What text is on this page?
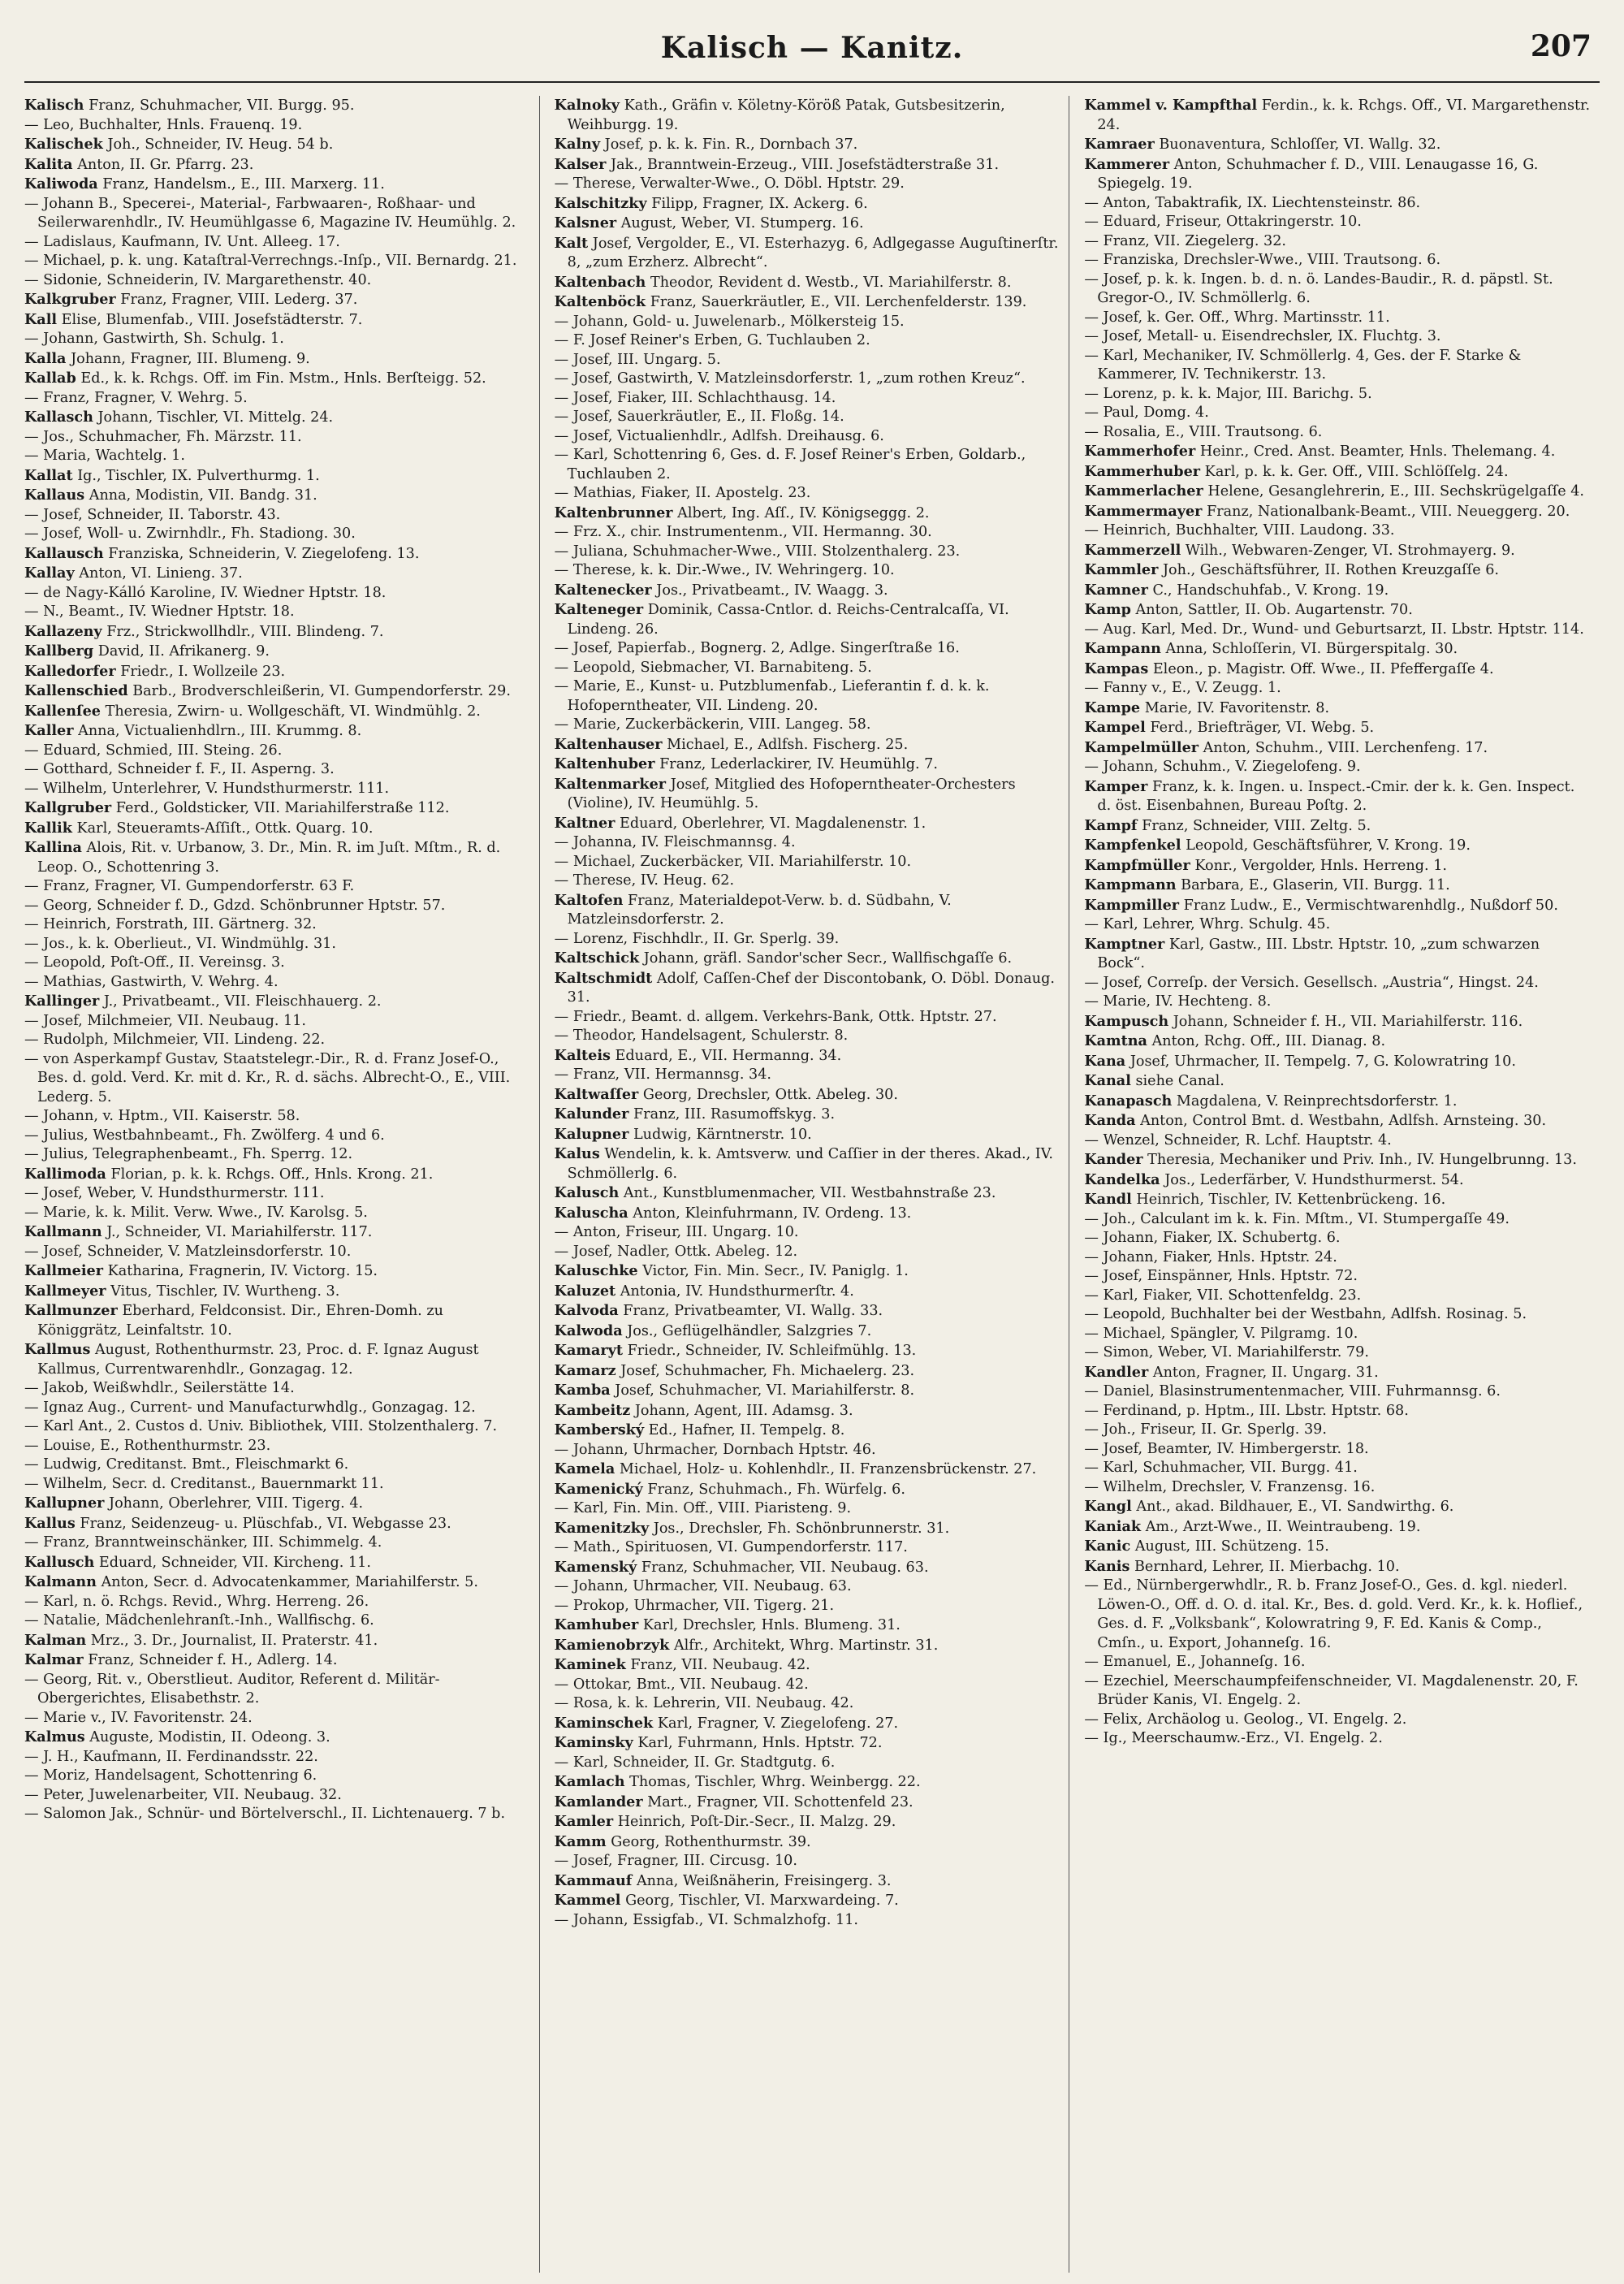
Kalisch — Kanitz.	207

Kalisch Franz, Schuhmacher, VII. Burgg. 95.

— Leo, Buchhalter, Hnls. Frauenq. 19.

Kalischek Joh., Schneider, IV. Heug. 54 b.

Kalita Anton, II. Gr. Pfarrg. 23.

Kaliwoda Franz, Handelsm., E., III. Marxerg. 11.

— Johann B., Specerei-, Material-, Farbwaaren-, Roßhaar- und Seilerwarenhdlr., IV. Heumühlgasse 6, Magazine IV. Heumühlg. 2.

— Ladislaus, Kaufmann, IV. Unt. Alleeg. 17.

— Michael, p. k. ung. Kataſtral-Verrechngs.-Inſp., VII. Bernardg. 21.

— Sidonie, Schneiderin, IV. Margarethenstr. 40.

Kalkgruber Franz, Fragner, VIII. Lederg. 37.

Kall Elise, Blumenfab., VIII. Josefstädterstr. 7.

— Johann, Gastwirth, Sh. Schulg. 1.

Kalla Johann, Fragner, III. Blumeng. 9.

Kallab Ed., k. k. Rchgs. Off. im Fin. Mstm., Hnls. Berſteigg. 52.

— Franz, Fragner, V. Wehrg. 5.

Kallasch Johann, Tischler, VI. Mittelg. 24.

— Jos., Schuhmacher, Fh. Märzstr. 11.

— Maria, Wachtelg. 1.

Kallat Ig., Tischler, IX. Pulverthurmg. 1.

Kallaus Anna, Modistin, VII. Bandg. 31.

— Josef, Schneider, II. Taborstr. 43.

— Josef, Woll- u. Zwirnhdlr., Fh. Stadiong. 30.

Kallausch Franziska, Schneiderin, V. Ziegelofeng. 13.

Kallay Anton, VI. Linieng. 37.

— de Nagy-Kálló Karoline, IV. Wiedner Hptstr. 18.

— N., Beamt., IV. Wiedner Hptstr. 18.

Kallazeny Frz., Strickwollhdlr., VIII. Blindeng. 7.

Kallberg David, II. Afrikanerg. 9.

Kalledorfer Friedr., I. Wollzeile 23.

Kallenschied Barb., Brodverschleißerin, VI. Gumpendorferstr. 29.

Kallenſee Theresia, Zwirn- u. Wollgeschäft, VI. Windmühlg. 2.

Kaller Anna, Victualienhdlrn., III. Krummg. 8.

— Eduard, Schmied, III. Steing. 26.

— Gotthard, Schneider f. F., II. Asperng. 3.

— Wilhelm, Unterlehrer, V. Hundsthurmerstr. 111.

Kallgruber Ferd., Goldsticker, VII. Mariahilferstraße 112.

Kallik Karl, Steueramts-Aſſiſt., Ottk. Quarg. 10.

Kallina Alois, Rit. v. Urbanow, 3. Dr., Min. R. im Juſt. Mſtm., R. d. Leop. O., Schottenring 3.

— Franz, Fragner, VI. Gumpendorferstr. 63 F.

— Georg, Schneider f. D., Gdzd. Schönbrunner Hptstr. 57.

— Heinrich, Forstrath, III. Gärtnerg. 32.

— Jos., k. k. Oberlieut., VI. Windmühlg. 31.

— Leopold, Poſt-Off., II. Vereinsg. 3.

— Mathias, Gastwirth, V. Wehrg. 4.

Kallinger J., Privatbeamt., VII. Fleischhauerg. 2.

— Josef, Milchmeier, VII. Neubaug. 11.

— Rudolph, Milchmeier, VII. Lindeng. 22.

— von Asperkampf Gustav, Staatstelegr.-Dir., R. d. Franz Josef-O., Bes. d. gold. Verd. Kr. mit d. Kr., R. d. sächs. Albrecht-O., E., VIII. Lederg. 5.

— Johann, v. Hptm., VII. Kaiserstr. 58.

— Julius, Westbahnbeamt., Fh. Zwölferg. 4 und 6.

— Julius, Telegraphenbeamt., Fh. Sperrg. 12.

Kallimoda Florian, p. k. k. Rchgs. Off., Hnls. Krong. 21.

— Josef, Weber, V. Hundsthurmerstr. 111.

— Marie, k. k. Milit. Verw. Wwe., IV. Karolsg. 5.

Kallmann J., Schneider, VI. Mariahilferstr. 117.

— Josef, Schneider, V. Matzleinsdorferstr. 10.

Kallmeier Katharina, Fragnerin, IV. Victorg. 15.

Kallmeyer Vitus, Tischler, IV. Wurtheng. 3.

Kallmunzer Eberhard, Feldconsist. Dir., Ehren-Domh. zu Königgrätz, Leinfaltstr. 10.

Kallmus August, Rothenthurmstr. 23, Proc. d. F. Ignaz August Kallmus, Currentwarenhdlr., Gonzagag. 12.

— Jakob, Weißwhdlr., Seilerstätte 14.

— Ignaz Aug., Current- und Manufacturwhdlg., Gonzagag. 12.

— Karl Ant., 2. Custos d. Univ. Bibliothek, VIII. Stolzenthalerg. 7.

— Louise, E., Rothenthurmstr. 23.

— Ludwig, Creditanst. Bmt., Fleischmarkt 6.

— Wilhelm, Secr. d. Creditanst., Bauernmarkt 11.

Kallupner Johann, Oberlehrer, VIII. Tigerg. 4.

Kallus Franz, Seidenzeug- u. Plüschfab., VI. Webgasse 23.

— Franz, Branntweinschänker, III. Schimmelg. 4.

Kallusch Eduard, Schneider, VII. Kircheng. 11.

Kalmann Anton, Secr. d. Advocatenkammer, Mariahilferstr. 5.

— Karl, n. ö. Rchgs. Revid., Whrg. Herreng. 26.

— Natalie, Mädchenlehranſt.-Inh., Wallfischg. 6.

Kalman Mrz., 3. Dr., Journalist, II. Praterstr. 41.

Kalmar Franz, Schneider f. H., Adlerg. 14.

— Georg, Rit. v., Oberstlieut. Auditor, Referent d. Militär-Obergerichtes, Elisabethstr. 2.

— Marie v., IV. Favoritenstr. 24.

Kalmus Auguste, Modistin, II. Odeong. 3.

— J. H., Kaufmann, II. Ferdinandsstr. 22.

— Moriz, Handelsagent, Schottenring 6.

— Peter, Juwelenarbeiter, VII. Neubaug. 32.

— Salomon Jak., Schnür- und Börtelverschl., II. Lichtenauerg. 7 b.

Kalnoky Kath., Gräfin v. Köletny-Köröß Patak, Gutsbesitzerin, Weihburgg. 19.

Kalny Josef, p. k. k. Fin. R., Dornbach 37.

Kalser Jak., Branntwein-Erzeug., VIII. Josefstädterstraße 31.

— Therese, Verwalter-Wwe., O. Döbl. Hptstr. 29.

Kalschitzky Filipp, Fragner, IX. Ackerg. 6.

Kalsner August, Weber, VI. Stumperg. 16.

Kalt Josef, Vergolder, E., VI. Esterhazyg. 6, Adlgegasse Auguſtinerſtr. 8, „zum Erzherz. Albrecht“.

Kaltenbach Theodor, Revident d. Westb., VI. Mariahilferstr. 8.

Kaltenböck Franz, Sauerkräutler, E., VII. Lerchenfelderstr. 139.

— Johann, Gold- u. Juwelenarb., Mölkersteig 15.

— F. Josef Reiner's Erben, G. Tuchlauben 2.

— Josef, III. Ungarg. 5.

— Josef, Gastwirth, V. Matzleinsdorferstr. 1, „zum rothen Kreuz“.

— Josef, Fiaker, III. Schlachthausg. 14.

— Josef, Sauerkräutler, E., II. Floßg. 14.

— Josef, Victualienhdlr., Adlfsh. Dreihausg. 6.

— Karl, Schottenring 6, Ges. d. F. Josef Reiner's Erben, Goldarb., Tuchlauben 2.

— Mathias, Fiaker, II. Apostelg. 23.

Kaltenbrunner Albert, Ing. Aſſ., IV. Königseggg. 2.

— Frz. X., chir. Instrumentenm., VII. Hermanng. 30.

— Juliana, Schuhmacher-Wwe., VIII. Stolzenthalerg. 23.

— Therese, k. k. Dir.-Wwe., IV. Wehringerg. 10.

Kaltenecker Jos., Privatbeamt., IV. Waagg. 3.

Kalteneger Dominik, Cassa-Cntlor. d. Reichs-Centralcaſſa, VI. Lindeng. 26.

— Josef, Papierfab., Bognerg. 2, Adlge. Singerſtraße 16.

— Leopold, Siebmacher, VI. Barnabiteng. 5.

— Marie, E., Kunst- u. Putzblumenfab., Lieferantin f. d. k. k. Hofoperntheater, VII. Lindeng. 20.

— Marie, Zuckerbäckerin, VIII. Langeg. 58.

Kaltenhauser Michael, E., Adlfsh. Fischerg. 25.

Kaltenhuber Franz, Lederlackirer, IV. Heumühlg. 7.

Kaltenmarker Josef, Mitglied des Hofoperntheater-Orchesters (Violine), IV. Heumühlg. 5.

Kaltner Eduard, Oberlehrer, VI. Magdalenenstr. 1.

— Johanna, IV. Fleischmannsg. 4.

— Michael, Zuckerbäcker, VII. Mariahilferstr. 10.

— Therese, IV. Heug. 62.

Kaltofen Franz, Materialdepot-Verw. b. d. Südbahn, V. Matzleinsdorferstr. 2.

— Lorenz, Fischhdlr., II. Gr. Sperlg. 39.

Kaltschick Johann, gräfl. Sandor'scher Secr., Wallfischgaſſe 6.

Kaltschmidt Adolf, Caſſen-Chef der Discontobank, O. Döbl. Donaug. 31.

— Friedr., Beamt. d. allgem. Verkehrs-Bank, Ottk. Hptstr. 27.

— Theodor, Handelsagent, Schulerstr. 8.

Kalteis Eduard, E., VII. Hermanng. 34.

— Franz, VII. Hermannsg. 34.

Kaltwaſſer Georg, Drechsler, Ottk. Abeleg. 30.

Kalunder Franz, III. Rasumoffskyg. 3.

Kalupner Ludwig, Kärntnerstr. 10.

Kalus Wendelin, k. k. Amtsverw. und Caſſier in der theres. Akad., IV. Schmöllerlg. 6.

Kalusch Ant., Kunstblumenmacher, VII. Westbahnstraße 23.

Kaluscha Anton, Kleinfuhrmann, IV. Ordeng. 13.

— Anton, Friseur, III. Ungarg. 10.

— Josef, Nadler, Ottk. Abeleg. 12.

Kaluschke Victor, Fin. Min. Secr., IV. Paniglg. 1.

Kaluzet Antonia, IV. Hundsthurmerſtr. 4.

Kalvoda Franz, Privatbeamter, VI. Wallg. 33.

Kalwoda Jos., Geflügelhändler, Salzgries 7.

Kamaryt Friedr., Schneider, IV. Schleifmühlg. 13.

Kamarz Josef, Schuhmacher, Fh. Michaelerg. 23.

Kamba Josef, Schuhmacher, VI. Mariahilferstr. 8.

Kambeitz Johann, Agent, III. Adamsg. 3.

Kamberský Ed., Hafner, II. Tempelg. 8.

— Johann, Uhrmacher, Dornbach Hptstr. 46.

Kamela Michael, Holz- u. Kohlenhdlr., II. Franzensbrückenstr. 27.

Kamenický Franz, Schuhmach., Fh. Würfelg. 6.

— Karl, Fin. Min. Off., VIII. Piaristeng. 9.

Kamenitzky Jos., Drechsler, Fh. Schönbrunnerstr. 31.

— Math., Spirituosen, VI. Gumpendorferstr. 117.

Kamenský Franz, Schuhmacher, VII. Neubaug. 63.

— Johann, Uhrmacher, VII. Neubaug. 63.

— Prokop, Uhrmacher, VII. Tigerg. 21.

Kamhuber Karl, Drechsler, Hnls. Blumeng. 31.

Kamienobrzyk Alfr., Architekt, Whrg. Martinstr. 31.

Kaminek Franz, VII. Neubaug. 42.

— Ottokar, Bmt., VII. Neubaug. 42.

— Rosa, k. k. Lehrerin, VII. Neubaug. 42.

Kaminschek Karl, Fragner, V. Ziegelofeng. 27.

Kaminsky Karl, Fuhrmann, Hnls. Hptstr. 72.

— Karl, Schneider, II. Gr. Stadtgutg. 6.

Kamlach Thomas, Tischler, Whrg. Weinbergg. 22.

Kamlander Mart., Fragner, VII. Schottenfeld 23.

Kamler Heinrich, Poſt-Dir.-Secr., II. Malzg. 29.

Kamm Georg, Rothenthurmstr. 39.

— Josef, Fragner, III. Circusg. 10.

Kammauf Anna, Weißnäherin, Freisingerg. 3.

Kammel Georg, Tischler, VI. Marxwardeing. 7.

— Johann, Essigfab., VI. Schmalzhofg. 11.

Kammel v. Kampfthal Ferdin., k. k. Rchgs. Off., VI. Margarethenstr. 24.

Kamraer Buonaventura, Schloſſer, VI. Wallg. 32.

Kammerer Anton, Schuhmacher f. D., VIII. Lenaugasse 16, G. Spiegelg. 19.

— Anton, Tabaktrafik, IX. Liechtensteinstr. 86.

— Eduard, Friseur, Ottakringerstr. 10.

— Franz, VII. Ziegelerg. 32.

— Franziska, Drechsler-Wwe., VIII. Trautsong. 6.

— Josef, p. k. k. Ingen. b. d. n. ö. Landes-Baudir., R. d. päpstl. St. Gregor-O., IV. Schmöllerlg. 6.

— Josef, k. Ger. Off., Whrg. Martinsstr. 11.

— Josef, Metall- u. Eisendrechsler, IX. Fluchtg. 3.

— Karl, Mechaniker, IV. Schmöllerlg. 4, Ges. der F. Starke & Kammerer, IV. Technikerstr. 13.

— Lorenz, p. k. k. Major, III. Barichg. 5.

— Paul, Domg. 4.

— Rosalia, E., VIII. Trautsong. 6.

Kammerhofer Heinr., Cred. Anst. Beamter, Hnls. Thelemang. 4.

Kammerhuber Karl, p. k. k. Ger. Off., VIII. Schlöſſelg. 24.

Kammerlacher Helene, Gesanglehrerin, E., III. Sechskrügelgaſſe 4.

Kammermayer Franz, Nationalbank-Beamt., VIII. Neueggerg. 20.

— Heinrich, Buchhalter, VIII. Laudong. 33.

Kammerzell Wilh., Webwaren-Zenger, VI. Strohmayerg. 9.

Kammler Joh., Geschäftsführer, II. Rothen Kreuzgaſſe 6.

Kamner C., Handschuhfab., V. Krong. 19.

Kamp Anton, Sattler, II. Ob. Augartenstr. 70.

— Aug. Karl, Med. Dr., Wund- und Geburtsarzt, II. Lbstr. Hptstr. 114.

Kampann Anna, Schloſſerin, VI. Bürgerspitalg. 30.

Kampas Eleon., p. Magistr. Off. Wwe., II. Pfeffergaſſe 4.

— Fanny v., E., V. Zeugg. 1.

Kampe Marie, IV. Favoritenstr. 8.

Kampel Ferd., Briefträger, VI. Webg. 5.

Kampelmüller Anton, Schuhm., VIII. Lerchenfeng. 17.

— Johann, Schuhm., V. Ziegelofeng. 9.

Kamper Franz, k. k. Ingen. u. Inspect.-Cmir. der k. k. Gen. Inspect. d. öst. Eisenbahnen, Bureau Poſtg. 2.

Kampf Franz, Schneider, VIII. Zeltg. 5.

Kampfenkel Leopold, Geschäftsführer, V. Krong. 19.

Kampfmüller Konr., Vergolder, Hnls. Herreng. 1.

Kampmann Barbara, E., Glaserin, VII. Burgg. 11.

Kampmiller Franz Ludw., E., Vermischtwarenhdlg., Nußdorf 50.

— Karl, Lehrer, Whrg. Schulg. 45.

Kamptner Karl, Gastw., III. Lbstr. Hptstr. 10, „zum schwarzen Bock“.

— Josef, Correſp. der Versich. Gesellsch. „Austria“, Hingst. 24.

— Marie, IV. Hechteng. 8.

Kampusch Johann, Schneider f. H., VII. Mariahilferstr. 116.

Kamtna Anton, Rchg. Off., III. Dianag. 8.

Kana Josef, Uhrmacher, II. Tempelg. 7, G. Kolowratring 10.

Kanal siehe Canal.

Kanapasch Magdalena, V. Reinprechtsdorferstr. 1.

Kanda Anton, Control Bmt. d. Westbahn, Adlfsh. Arnsteing. 30.

— Wenzel, Schneider, R. Lchf. Hauptstr. 4.

Kander Theresia, Mechaniker und Priv. Inh., IV. Hungelbrunng. 13.

Kandelka Jos., Lederfärber, V. Hundsthurmerst. 54.

Kandl Heinrich, Tischler, IV. Kettenbrückeng. 16.

— Joh., Calculant im k. k. Fin. Mſtm., VI. Stumpergaſſe 49.

— Johann, Fiaker, IX. Schubertg. 6.

— Johann, Fiaker, Hnls. Hptstr. 24.

— Josef, Einspänner, Hnls. Hptstr. 72.

— Karl, Fiaker, VII. Schottenfeldg. 23.

— Leopold, Buchhalter bei der Westbahn, Adlfsh. Rosinag. 5.

— Michael, Spängler, V. Pilgramg. 10.

— Simon, Weber, VI. Mariahilferstr. 79.

Kandler Anton, Fragner, II. Ungarg. 31.

— Daniel, Blasinstrumentenmacher, VIII. Fuhrmannsg. 6.

— Ferdinand, p. Hptm., III. Lbstr. Hptstr. 68.

— Joh., Friseur, II. Gr. Sperlg. 39.

— Josef, Beamter, IV. Himbergerstr. 18.

— Karl, Schuhmacher, VII. Burgg. 41.

— Wilhelm, Drechsler, V. Franzensg. 16.

Kangl Ant., akad. Bildhauer, E., VI. Sandwirthg. 6.

Kaniak Am., Arzt-Wwe., II. Weintraubeng. 19.

Kanic August, III. Schützeng. 15.

Kanis Bernhard, Lehrer, II. Mierbachg. 10.

— Ed., Nürnbergerwhdlr., R. b. Franz Josef-O., Ges. d. kgl. niederl. Löwen-O., Off. d. O. d. ital. Kr., Bes. d. gold. Verd. Kr., k. k. Hoflief., Ges. d. F. „Volksbank“, Kolowratring 9, F. Ed. Kanis & Comp., Cmſn., u. Export, Johanneſg. 16.

— Emanuel, E., Johanneſg. 16.

— Ezechiel, Meerschaumpfeifenschneider, VI. Magdalenenstr. 20, F. Brüder Kanis, VI. Engelg. 2.

— Felix, Archäolog u. Geolog., VI. Engelg. 2.

— Ig., Meerschaumw.-Erz., VI. Engelg. 2.
